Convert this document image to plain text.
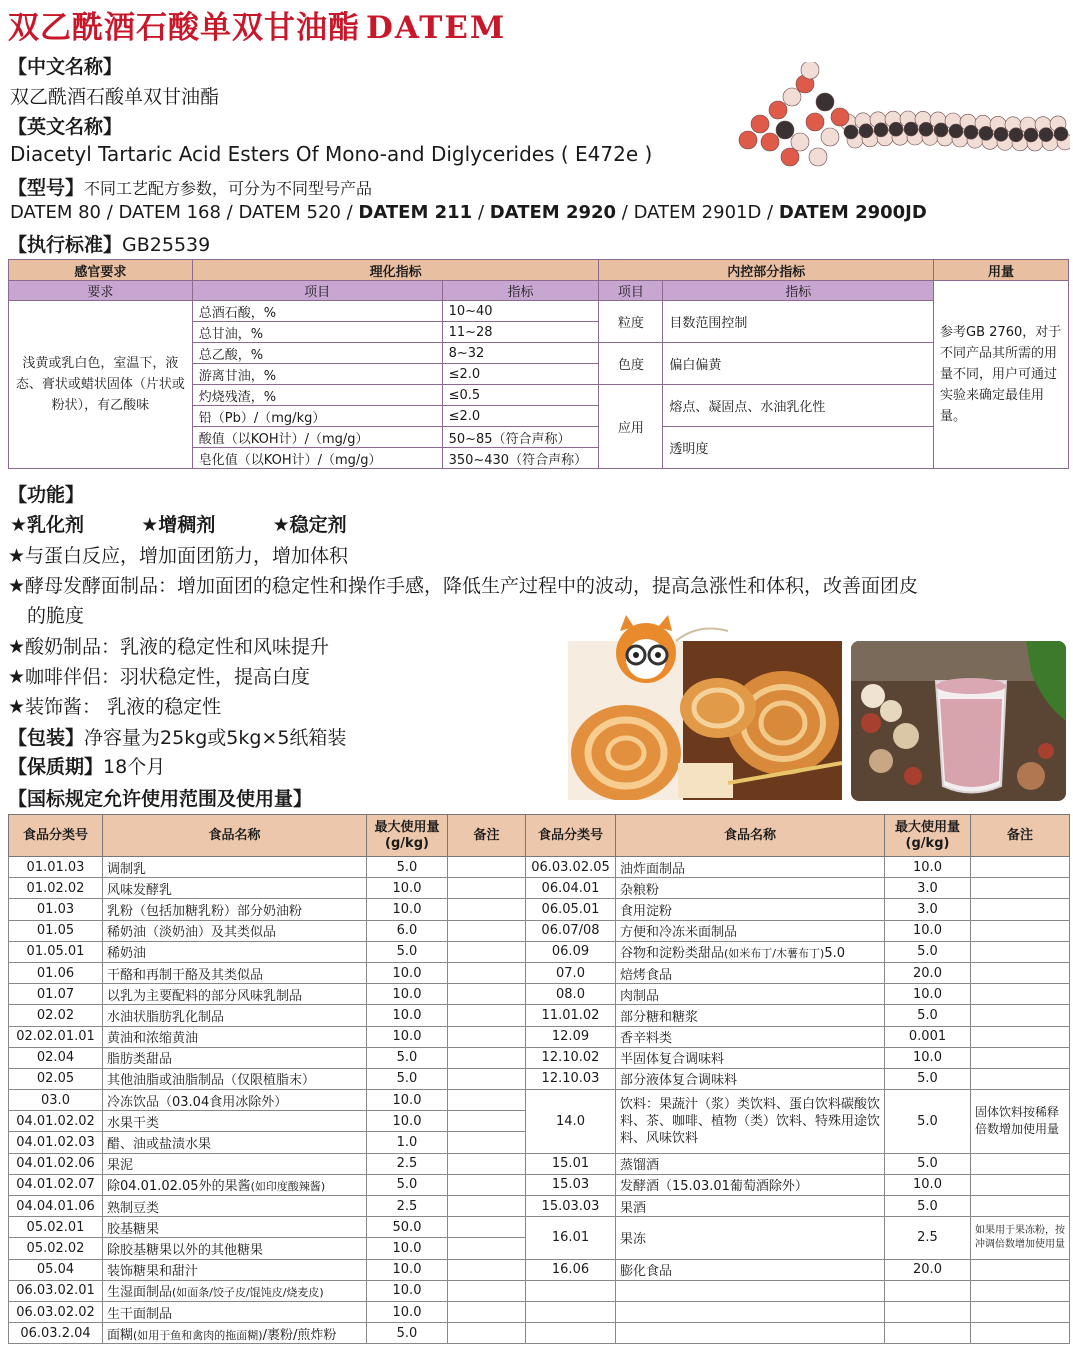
双乙酰酒石酸单双甘油酯 DATEM
【中文名称】
双乙酰酒石酸单双甘油酯
【英文名称】
Diacetyl Tartaric Acid Esters Of Mono-and Diglycerides ( E472e )
【型号】不同工艺配方参数，可分为不同型号产品
DATEM 80 / DATEM 168 / DATEM 520 / DATEM 211 / DATEM 2920 / DATEM 2901D / DATEM 2900JD
【执行标准】GB25539
感官要求	理化指标		内控部分指标		用量
要求	项目	指标	项目	指标	参考GB 2760，对于不同产品其所需的用量不同，用户可通过实验来确定最佳用量。
浅黄或乳白色，室温下，液态、膏状或蜡状固体（片状或粉状），有乙酸味	总酒石酸，%	10~40	粒度	目数范围控制	
	总甘油，%	11~28			
	总乙酸，%	8~32	色度	偏白偏黄	
	游离甘油，%	≤2.0			
	灼烧残渣，%	≤0.5	应用	熔点、凝固点、水油乳化性	
	铅（Pb）/（mg/kg）	≤2.0			
	酸值（以KOH计）/（mg/g）	50~85（符合声称）		透明度	
	皂化值（以KOH计）/（mg/g）	350~430（符合声称）			
【功能】
★乳化剂	★增稠剂	★稳定剂
★与蛋白反应，增加面团筋力，增加体积
★酵母发酵面制品：增加面团的稳定性和操作手感，降低生产过程中的波动，提高急涨性和体积，改善面团皮
的脆度
★酸奶制品：乳液的稳定性和风味提升
★咖啡伴侣：羽状稳定性，提高白度
★装饰酱： 乳液的稳定性
【包装】净容量为25kg或5kg×5纸箱装
【保质期】18个月
【国标规定允许使用范围及使用量】
食品分类号	食品名称	最大使用量
(g/kg)	备注	食品分类号	食品名称	最大使用量
(g/kg)	备注
01.01.03	调制乳	5.0		06.03.02.05	油炸面制品	10.0	
01.02.02	风味发酵乳	10.0		06.04.01	杂粮粉	3.0	
01.03	乳粉（包括加糖乳粉）部分奶油粉	10.0		06.05.01	食用淀粉	3.0	
01.05	稀奶油（淡奶油）及其类似品	6.0		06.07/08	方便和冷冻米面制品	10.0	
01.05.01	稀奶油	5.0		06.09	谷物和淀粉类甜品(如米布丁/木薯布丁)5.0	5.0	
01.06	干酪和再制干酪及其类似品	10.0		07.0	焙烤食品	20.0	
01.07	以乳为主要配料的部分风味乳制品	10.0		08.0	肉制品	10.0	
02.02	水油状脂肪乳化制品	10.0		11.01.02	部分糖和糖浆	5.0	
02.02.01.01	黄油和浓缩黄油	10.0		12.09	香辛料类	0.001	
02.04	脂肪类甜品	5.0		12.10.02	半固体复合调味料	10.0	
02.05	其他油脂或油脂制品（仅限植脂末）	5.0		12.10.03	部分液体复合调味料	5.0	
03.0	冷冻饮品（03.04食用冰除外）	10.0		14.0	饮料：果蔬汁（浆）类饮料、蛋白饮料碳酸饮料、茶、咖啡、植物（类）饮料、特殊用途饮料、风味饮料	5.0	固体饮料按稀释倍数增加使用量
04.01.02.02	水果干类	10.0					
04.01.02.03	醋、油或盐渍水果	1.0					
04.01.02.06	果泥	2.5		15.01	蒸馏酒	5.0	
04.01.02.07	除04.01.02.05外的果酱(如印度酸辣酱)	5.0		15.03	发酵酒（15.03.01葡萄酒除外）	10.0	
04.04.01.06	熟制豆类	2.5		15.03.03	果酒	5.0	
05.02.01	胶基糖果	50.0		16.01	果冻	2.5	如果用于果冻粉，按冲调倍数增加使用量
05.02.02	除胶基糖果以外的其他糖果	10.0					
05.04	装饰糖果和甜汁	10.0		16.06	膨化食品	20.0	
06.03.02.01	生湿面制品(如面条/饺子皮/馄饨皮/烧麦皮)	10.0					
06.03.02.02	生干面制品	10.0					
06.03.2.04	面糊(如用于鱼和禽肉的拖面糊)/裹粉/煎炸粉	5.0					
